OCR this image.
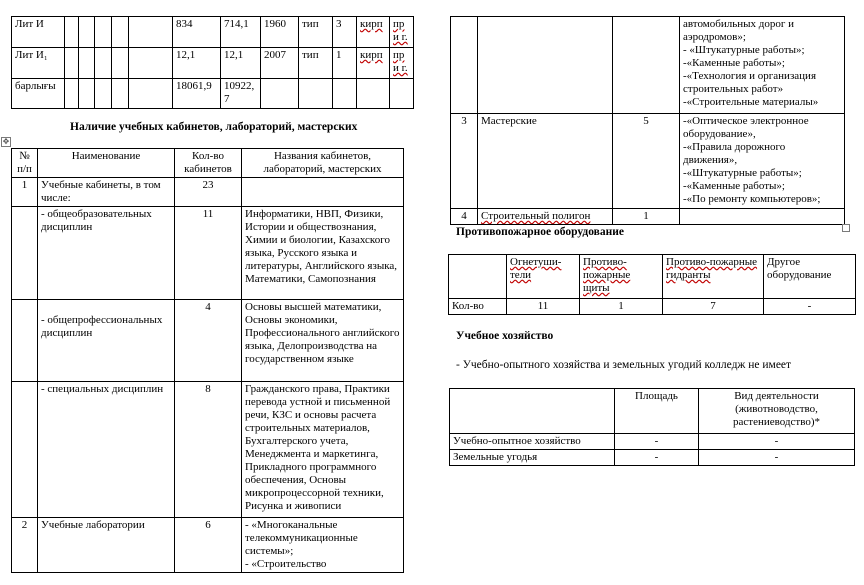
Лит И						834	714,1	1960	тип	3	кирп	при г.
Лит И₁						12,1	12,1	2007	тип	1	кирп	при г.
барлығы						18061,9	10922,7					
Наличие учебных кабинетов, лабораторий, мастерских
✥
№ п/п	Наименование	Кол-во кабинетов	Названия кабинетов, лабораторий, мастерских
1	Учебные кабинеты, в том числе:	23	
	- общеобразовательных дисциплин	11	Информатики, НВП, Физики, Истории и обществознания, Химии и биологии, Казахского языка, Русского языка и литературы, Английского языка, Математики, Самопознания
	- общепрофессиональных дисциплин	4	Основы высшей математики, Основы экономики, Профессионального английского языка, Делопроизводства на государственном языке
	- специальных дисциплин	8	Гражданского права, Практики перевода устной и письменной речи, КЗС и основы расчета строительных материалов, Бухгалтерского учета, Менеджмента и маркетинга, Прикладного программного обеспечения, Основы микропроцессорной техники, Рисунка и живописи
2	Учебные лаборатории	6	- «Многоканальные телекоммуникационные системы»;
- «Строительство
			автомобильных дорог и аэродромов»;
- «Штукатурные работы»;
-«Каменные работы»;
-«Технология и организация строительных работ»
-«Строительные материалы»
3	Мастерские	5	-«Оптическое электронное оборудование»,
-«Правила дорожного движения»,
-«Штукатурные работы»;
-«Каменные работы»;
-«По ремонту компьютеров»;
4	Строительный полигон	1	
Противопожарное оборудование
	Огнетуши-тели	Противо-пожарные щиты	Противо-пожарныегидранты	Другое оборудование
Кол-во	11	1	7	-
Учебное хозяйство
- Учебно-опытного хозяйства и земельных угодий колледж не имеет
	Площадь	Вид деятельности (животноводство, растениеводство)*
Учебно-опытное хозяйство	-	-
Земельные угодья	-	-
